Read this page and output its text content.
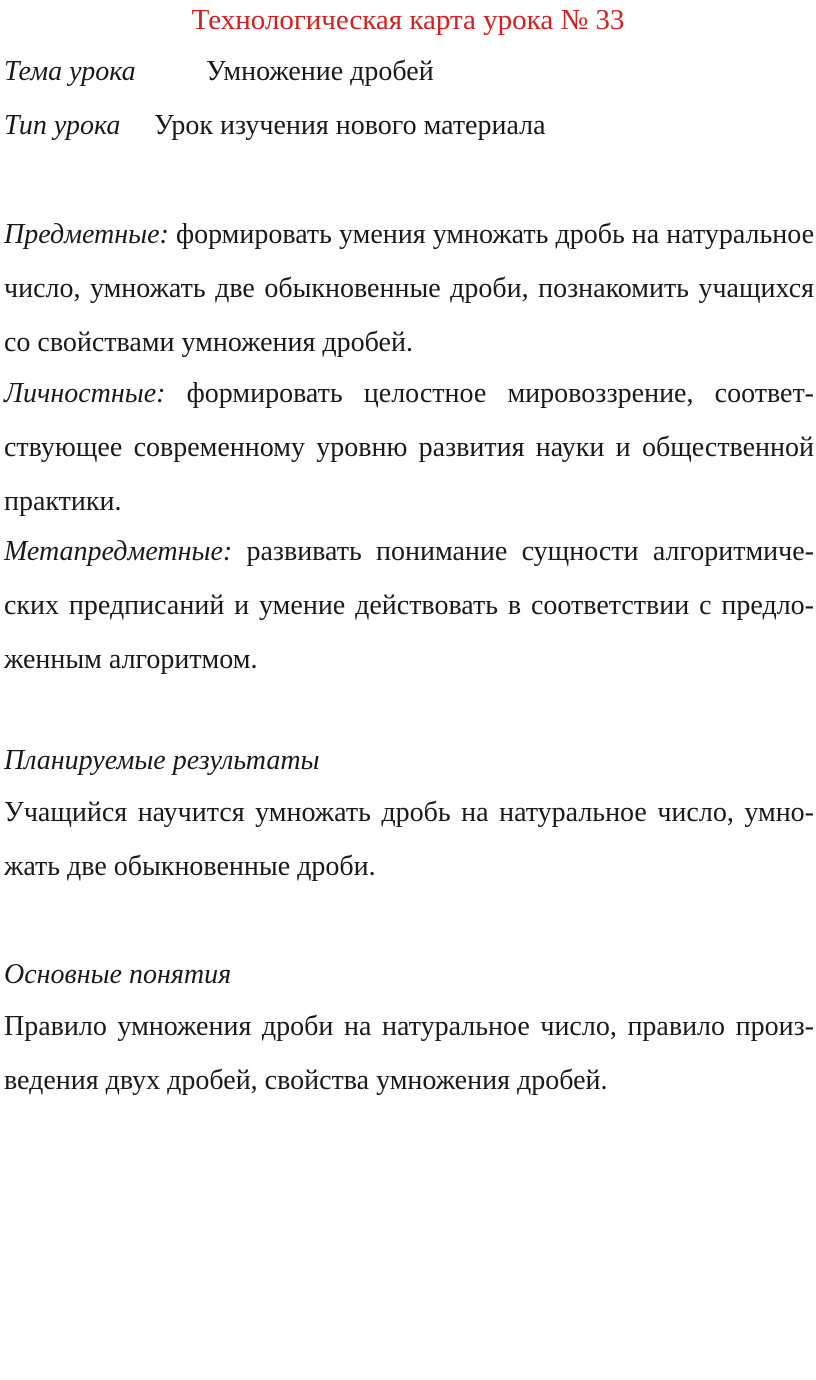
Технологическая карта урока № 33
Тема урока	Умножение дробей
Тип урока Урок изучения нового материала

Предметные: формировать умения умножать дробь на натуральное число, умножать две обыкновенные дроби, познакомить учащихся со свойствами умножения дробей.

Личностные: формировать целостное мировоззрение, соответ-ствующее современному уровню развития науки и общественной практики.

Метапредметные: развивать понимание сущности алгоритмиче-ских предписаний и умение действовать в соответствии с предло-женным алгоритмом.

Планируемые результаты

Учащийся научится умножать дробь на натуральное число, умно- жать две обыкновенные дроби.

Основные понятия

Правило умножения дроби на натуральное число, правило произ-ведения двух дробей, свойства умножения дробей.
